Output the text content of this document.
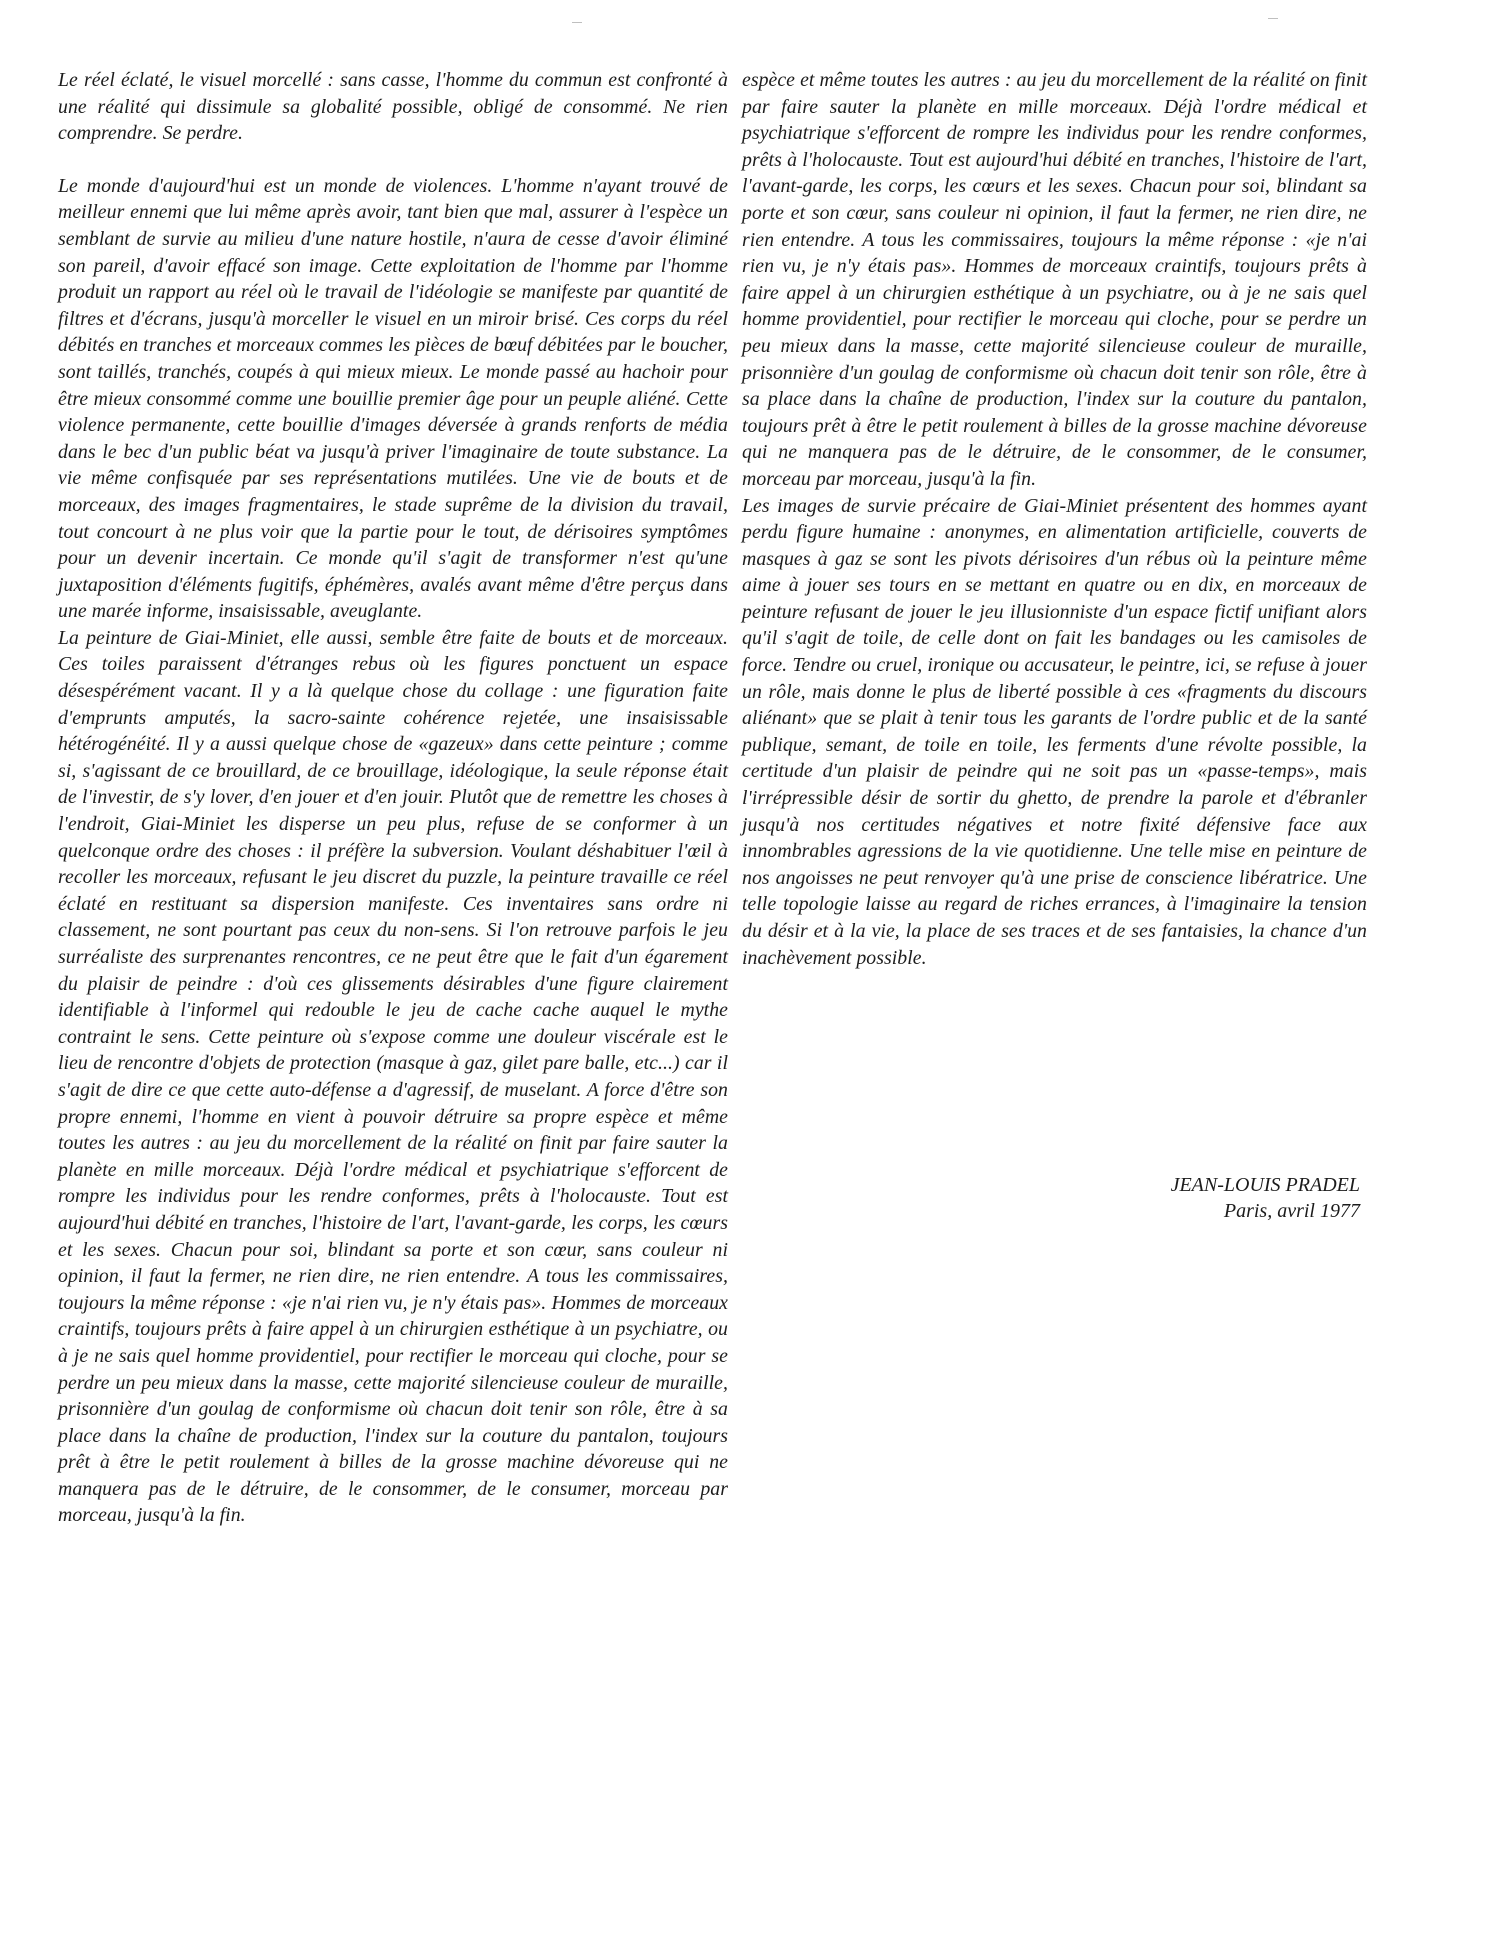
Le réel éclaté, le visuel morcellé : sans casse, l'homme du commun est confronté à une réalité qui dissimule sa globalité possible, obligé de consommé. Ne rien comprendre. Se perdre.

Le monde d'aujourd'hui est un monde de violences. L'homme n'ayant trouvé de meilleur ennemi que lui même après avoir, tant bien que mal, assurer à l'espèce un semblant de survie au milieu d'une nature hostile, n'aura de cesse d'avoir éliminé son pareil, d'avoir effacé son image. Cette exploitation de l'homme par l'homme produit un rapport au réel où le travail de l'idéologie se manifeste par quantité de filtres et d'écrans, jusqu'à morceller le visuel en un miroir brisé. Ces corps du réel débités en tranches et morceaux commes les pièces de bœuf débitées par le boucher, sont taillés, tranchés, coupés à qui mieux mieux. Le monde passé au hachoir pour être mieux consommé comme une bouillie premier âge pour un peuple aliéné. Cette violence permanente, cette bouillie d'images déversée à grands renforts de média dans le bec d'un public béat va jusqu'à priver l'imaginaire de toute substance. La vie même confisquée par ses représentations mutilées. Une vie de bouts et de morceaux, des images fragmentaires, le stade suprême de la division du travail, tout concourt à ne plus voir que la partie pour le tout, de dérisoires symptômes pour un devenir incertain. Ce monde qu'il s'agit de transformer n'est qu'une juxtaposition d'éléments fugitifs, éphémères, avalés avant même d'être perçus dans une marée informe, insaisissable, aveuglante.

La peinture de Giai-Miniet, elle aussi, semble être faite de bouts et de morceaux. Ces toiles paraissent d'étranges rebus où les figures ponctuent un espace désespérément vacant. Il y a là quelque chose du collage : une figuration faite d'emprunts amputés, la sacro-sainte cohérence rejetée, une insaisissable hétérogénéité. Il y a aussi quelque chose de «gazeux» dans cette peinture ; comme si, s'agissant de ce brouillard, de ce brouillage, idéologique, la seule réponse était de l'investir, de s'y lover, d'en jouer et d'en jouir. Plutôt que de remettre les choses à l'endroit, Giai-Miniet les disperse un peu plus, refuse de se conformer à un quelconque ordre des choses : il préfère la subversion. Voulant déshabituer l'œil à recoller les morceaux, refusant le jeu discret du puzzle, la peinture travaille ce réel éclaté en restituant sa dispersion manifeste. Ces inventaires sans ordre ni classement, ne sont pourtant pas ceux du non-sens. Si l'on retrouve parfois le jeu surréaliste des surprenantes rencontres, ce ne peut être que le fait d'un égarement du plaisir de peindre : d'où ces glissements désirables d'une figure clairement identifiable à l'informel qui redouble le jeu de cache cache auquel le mythe contraint le sens. Cette peinture où s'expose comme une douleur viscérale est le lieu de rencontre d'objets de protection (masque à gaz, gilet pare balle, etc...) car il s'agit de dire ce que cette auto-défense a d'agressif, de muselant. A force d'être son propre ennemi, l'homme en vient à pouvoir détruire sa propre espèce et même toutes les autres : au jeu du morcellement de la réalité on finit par faire sauter la planète en mille morceaux. Déjà l'ordre médical et psychiatrique s'efforcent de rompre les individus pour les rendre conformes, prêts à l'holocauste. Tout est aujourd'hui débité en tranches, l'histoire de l'art, l'avant-garde, les corps, les cœurs et les sexes. Chacun pour soi, blindant sa porte et son cœur, sans couleur ni opinion, il faut la fermer, ne rien dire, ne rien entendre. A tous les commissaires, toujours la même réponse : «je n'ai rien vu, je n'y étais pas». Hommes de morceaux craintifs, toujours prêts à faire appel à un chirurgien esthétique à un psychiatre, ou à je ne sais quel homme providentiel, pour rectifier le morceau qui cloche, pour se perdre un peu mieux dans la masse, cette majorité silencieuse couleur de muraille, prisonnière d'un goulag de conformisme où chacun doit tenir son rôle, être à sa place dans la chaîne de production, l'index sur la couture du pantalon, toujours prêt à être le petit roulement à billes de la grosse machine dévoreuse qui ne manquera pas de le détruire, de le consommer, de le consumer, morceau par morceau, jusqu'à la fin.

espèce et même toutes les autres : au jeu du morcellement de la réalité on finit par faire sauter la planète en mille morceaux. Déjà l'ordre médical et psychiatrique s'efforcent de rompre les individus pour les rendre conformes, prêts à l'holocauste. Tout est aujourd'hui débité en tranches, l'histoire de l'art, l'avant-garde, les corps, les cœurs et les sexes. Chacun pour soi, blindant sa porte et son cœur, sans couleur ni opinion, il faut la fermer, ne rien dire, ne rien entendre. A tous les commissaires, toujours la même réponse : «je n'ai rien vu, je n'y étais pas». Hommes de morceaux craintifs, toujours prêts à faire appel à un chirurgien esthétique à un psychiatre, ou à je ne sais quel homme providentiel, pour rectifier le morceau qui cloche, pour se perdre un peu mieux dans la masse, cette majorité silencieuse couleur de muraille, prisonnière d'un goulag de conformisme où chacun doit tenir son rôle, être à sa place dans la chaîne de production, l'index sur la couture du pantalon, toujours prêt à être le petit roulement à billes de la grosse machine dévoreuse qui ne manquera pas de le détruire, de le consommer, de le consumer, morceau par morceau, jusqu'à la fin.

Les images de survie précaire de Giai-Miniet présentent des hommes ayant perdu figure humaine : anonymes, en alimentation artificielle, couverts de masques à gaz se sont les pivots dérisoires d'un rébus où la peinture même aime à jouer ses tours en se mettant en quatre ou en dix, en morceaux de peinture refusant de jouer le jeu illusionniste d'un espace fictif unifiant alors qu'il s'agit de toile, de celle dont on fait les bandages ou les camisoles de force. Tendre ou cruel, ironique ou accusateur, le peintre, ici, se refuse à jouer un rôle, mais donne le plus de liberté possible à ces «fragments du discours aliénant» que se plait à tenir tous les garants de l'ordre public et de la santé publique, semant, de toile en toile, les ferments d'une révolte possible, la certitude d'un plaisir de peindre qui ne soit pas un «passe-temps», mais l'irrépressible désir de sortir du ghetto, de prendre la parole et d'ébranler jusqu'à nos certitudes négatives et notre fixité défensive face aux innombrables agressions de la vie quotidienne. Une telle mise en peinture de nos angoisses ne peut renvoyer qu'à une prise de conscience libératrice. Une telle topologie laisse au regard de riches errances, à l'imaginaire la tension du désir et à la vie, la place de ses traces et de ses fantaisies, la chance d'un inachèvement possible.

JEAN-LOUIS PRADEL
Paris, avril 1977
